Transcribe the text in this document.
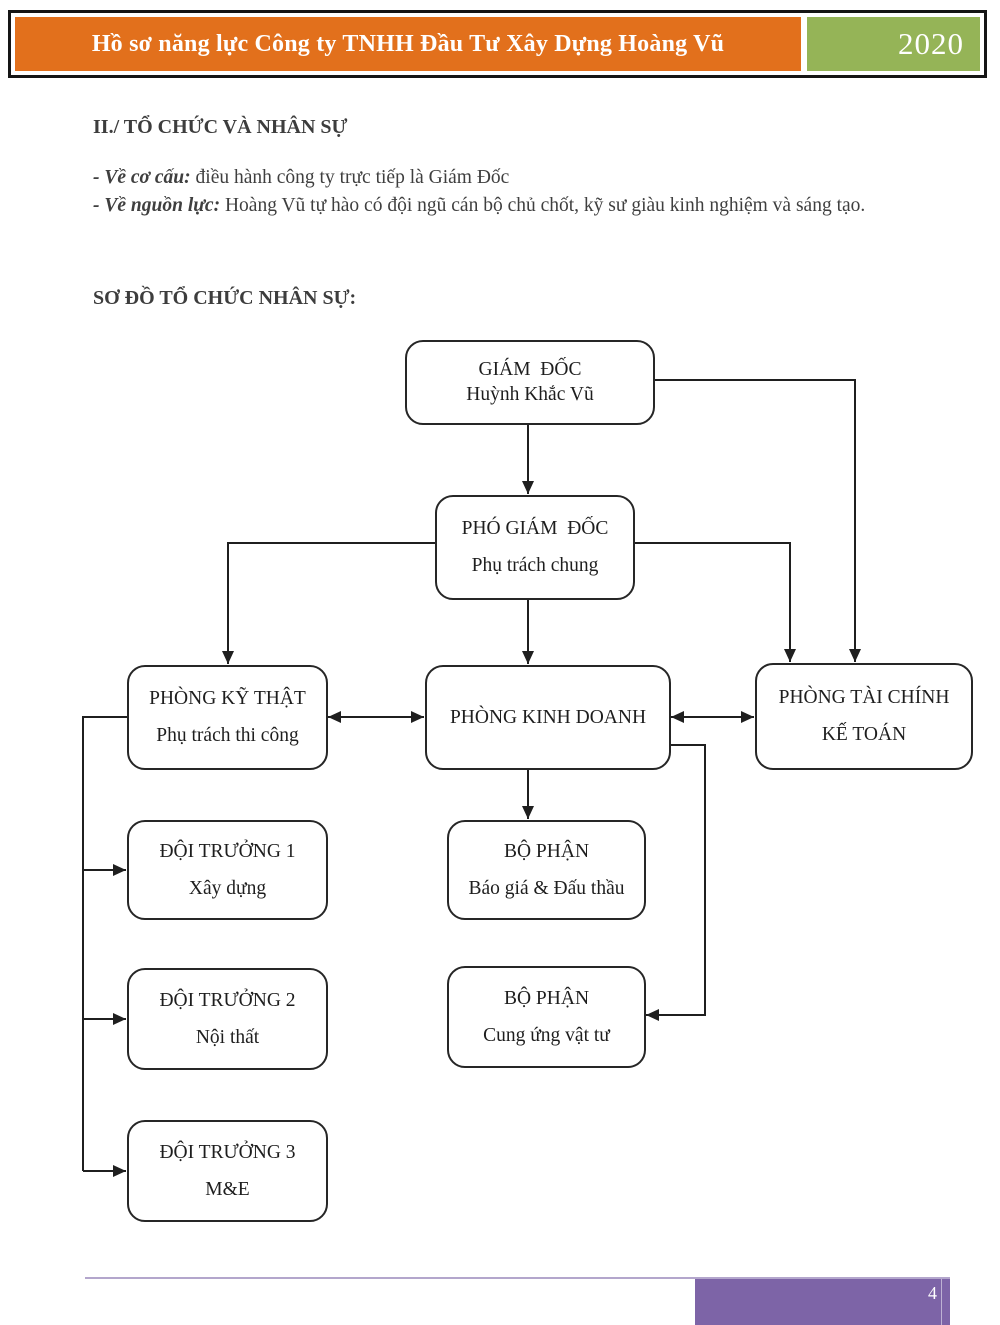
Hồ sơ năng lực Công ty TNHH Đầu Tư Xây Dựng Hoàng Vũ	2020
II./ TỔ CHỨC VÀ NHÂN SỰ
- Về cơ cấu: điều hành công ty trực tiếp là Giám Đốc
- Về nguồn lực: Hoàng Vũ tự hào có đội ngũ cán bộ chủ chốt, kỹ sư giàu kinh nghiệm và sáng tạo.
SƠ ĐỒ TỔ CHỨC NHÂN SỰ:
GIÁM  ĐỐC
Huỳnh Khắc Vũ
PHÓ GIÁM  ĐỐC
Phụ trách chung
PHÒNG KỸ THẬT
Phụ trách thi công
PHÒNG KINH DOANH
PHÒNG TÀI CHÍNH
KẾ TOÁN
ĐỘI TRƯỞNG 1
Xây dựng
BỘ PHẬN
Báo giá & Đấu thầu
ĐỘI TRƯỞNG 2
Nội thất
BỘ PHẬN
Cung ứng vật tư
ĐỘI TRƯỞNG 3
M&E
4
